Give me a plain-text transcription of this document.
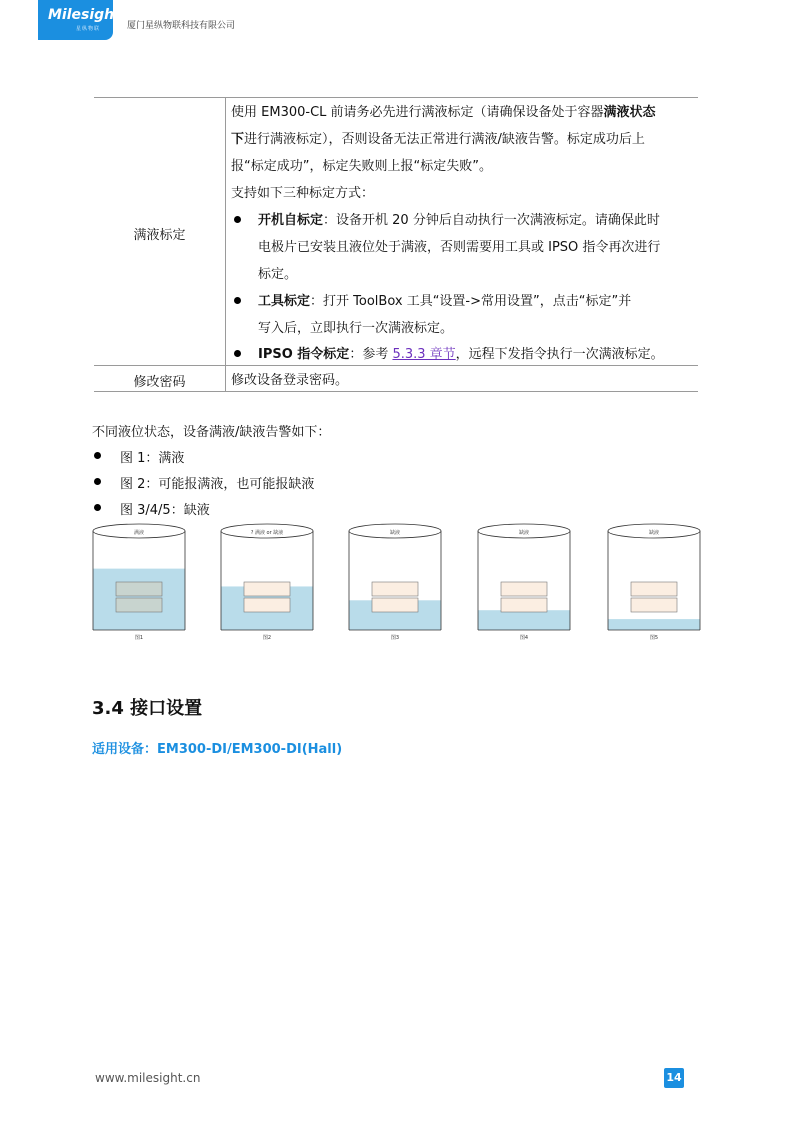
Milesight
星纵物联	厦门星纵物联科技有限公司
满液标定
修改密码

使用 EM300-CL 前请务必先进行满液标定（请确保设备处于容器满液状态

下进行满液标定），否则设备无法正常进行满液/缺液告警。标定成功后上

报“标定成功”，标定失败则上报“标定失败”。

支持如下三种标定方式：

开机自标定：设备开机 20 分钟后自动执行一次满液标定。请确保此时

电极片已安装且液位处于满液，否则需要用工具或 IPSO 指令再次进行

标定。

工具标定：打开 ToolBox 工具“设置->常用设置”，点击“标定”并

写入后，立即执行一次满液标定。

IPSO 指令标定：参考 5.3.3 章节，远程下发指令执行一次满液标定。

修改设备登录密码。

不同液位状态，设备满液/缺液告警如下：

图 1：满液

图 2：可能报满液，也可能报缺液

图 3/4/5：缺液

满液
图1
? 满液 or 缺液
图2
缺液
图3
缺液
图4
缺液
图5

3.4 接口设置

适用设备：EM300-DI/EM300-DI(Hall)

www.milesight.cn	14
